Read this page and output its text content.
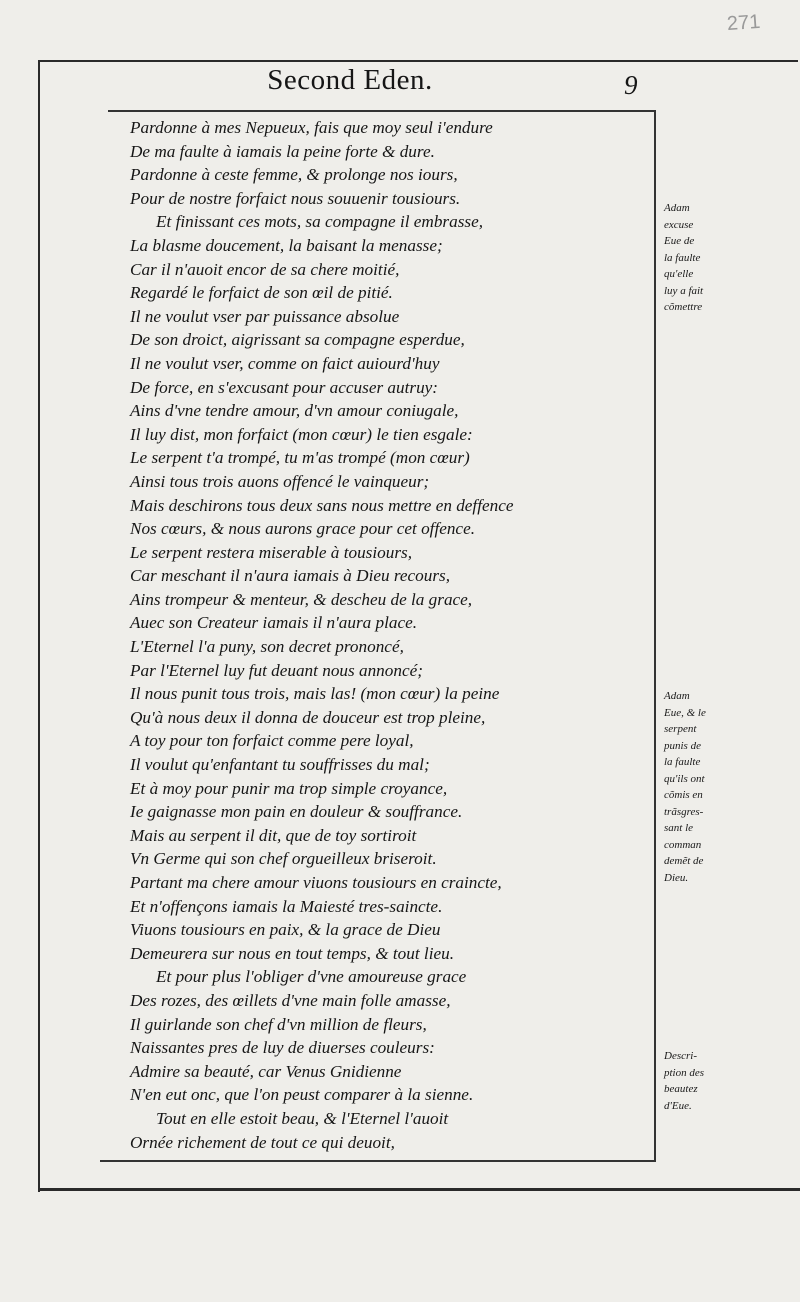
271
Second Eden.	9
Pardonne à mes Nepueux, fais que moy seul i'endure
De ma faulte à iamais la peine forte & dure.
Pardonne à ceste femme, & prolonge nos iours,
Pour de nostre forfaict nous souuenir tousiours.
Et finissant ces mots, sa compagne il embrasse,
La blasme doucement, la baisant la menasse;
Car il n'auoit encor de sa chere moitié,
Regardé le forfaict de son œil de pitié.
Il ne voulut vser par puissance absolue
De son droict, aigrissant sa compagne esperdue,
Il ne voulut vser, comme on faict auiourd'huy
De force, en s'excusant pour accuser autruy:
Ains d'vne tendre amour, d'vn amour coniugale,
Il luy dist, mon forfaict (mon cœur) le tien esgale:
Le serpent t'a trompé, tu m'as trompé (mon cœur)
Ainsi tous trois auons offencé le vainqueur;
Mais deschirons tous deux sans nous mettre en deffence
Nos cœurs, & nous aurons grace pour cet offence.
Le serpent restera miserable à tousiours,
Car meschant il n'aura iamais à Dieu recours,
Ains trompeur & menteur, & descheu de la grace,
Auec son Createur iamais il n'aura place.
L'Eternel l'a puny, son decret prononcé,
Par l'Eternel luy fut deuant nous annoncé;
Il nous punit tous trois, mais las! (mon cœur) la peine
Qu'à nous deux il donna de douceur est trop pleine,
A toy pour ton forfaict comme pere loyal,
Il voulut qu'enfantant tu souffrisses du mal;
Et à moy pour punir ma trop simple croyance,
Ie gaignasse mon pain en douleur & souffrance.
Mais au serpent il dit, que de toy sortiroit
Vn Germe qui son chef orgueilleux briseroit.
Partant ma chere amour viuons tousiours en craincte,
Et n'offençons iamais la Maiesté tres-saincte.
Viuons tousiours en paix, & la grace de Dieu
Demeurera sur nous en tout temps, & tout lieu.
Et pour plus l'obliger d'vne amoureuse grace
Des rozes, des œillets d'vne main folle amasse,
Il guirlande son chef d'vn million de fleurs,
Naissantes pres de luy de diuerses couleurs:
Admire sa beauté, car Venus Gnidienne
N'en eut onc, que l'on peust comparer à la sienne.
Tout en elle estoit beau, & l'Eternel l'auoit
Ornée richement de tout ce qui deuoit,
Adam
excuse
Eue de
la faulte
qu'elle
luy a fait
cõmettre
Adam
Eue, & le
serpent
punis de
la faulte
qu'ils ont
cõmis en
trãsgres-
sant le
comman
demẽt de
Dieu.
Descri-
ption des
beautez
d'Eue.
